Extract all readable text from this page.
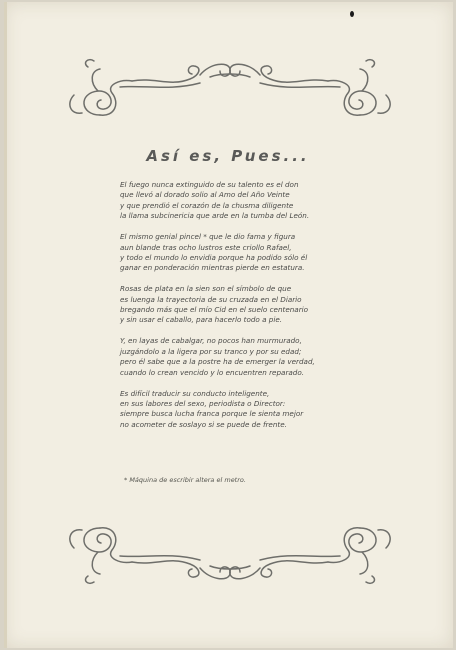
Así es, Pues...
El fuego nunca extinguido de su talento es el don
que llevó al dorado solio al Amo del Año Veinte
y que prendió el corazón de la chusma diligente
la llama subcinericia que arde en la tumba del León.
El mismo genial pincel * que le dio fama y figura
aun blande tras ocho lustros este criollo Rafael,
y todo el mundo lo envidia porque ha podido sólo él
ganar en ponderación mientras pierde en estatura.
Rosas de plata en la sien son el símbolo de que
es luenga la trayectoria de su cruzada en el Diario
bregando más que el mío Cid en el suelo centenario
y sin usar el caballo, para hacerlo todo a pie.
Y, en layas de cabalgar, no pocos han murmurado,
juzgándolo a la ligera por su tranco y por su edad;
pero él sabe que a la postre ha de emerger la verdad,
cuando lo crean vencido y lo encuentren reparado.
Es difícil traducir su conducto inteligente,
en sus labores del sexo, periodista o Director:
siempre busca lucha franca porque le sienta mejor
no acometer de soslayo si se puede de frente.
* Máquina de escribir altera el metro.
